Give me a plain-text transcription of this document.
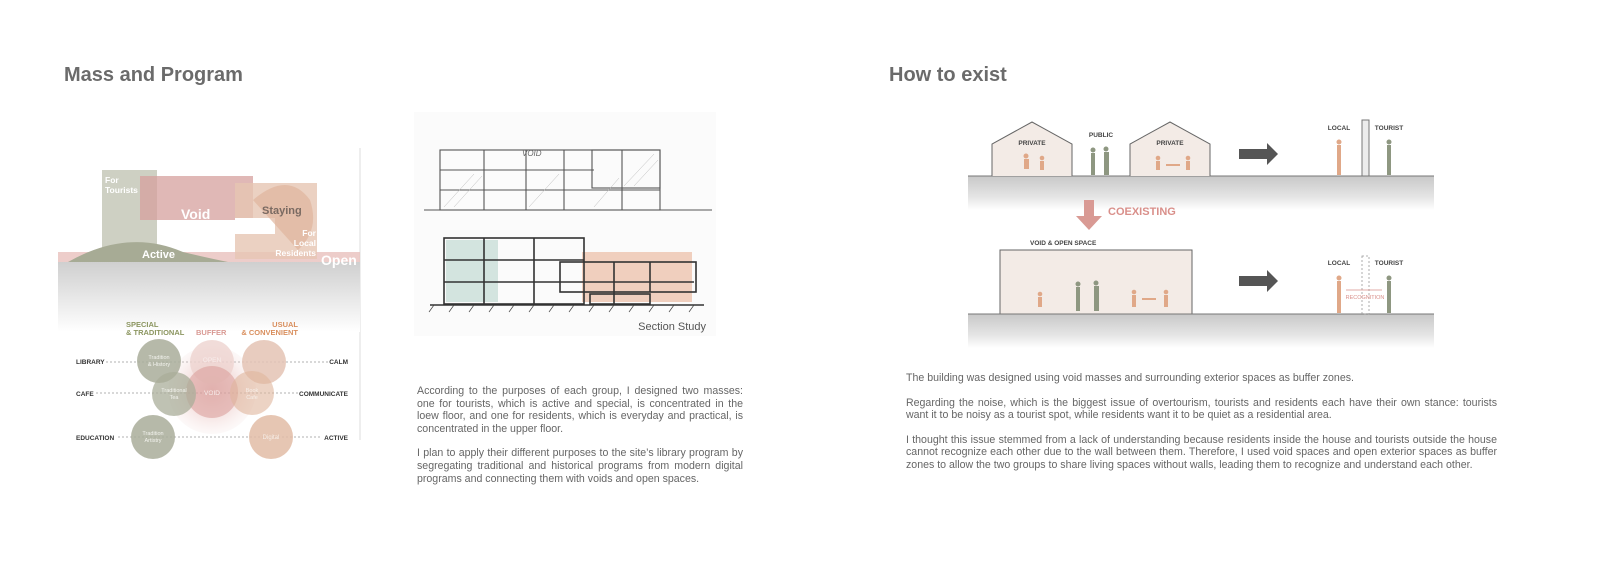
Mass and Program
For
Tourists
Void	Staying
For
Local
Residents
Active	Open
SPECIAL
& TRADITIONAL BUFFER
USUAL
& CONVENIENT
LIBRARY
CAFE
EDUCATION
CALM
COMMUNICATE
ACTIVE
Tradition
& History
Traditional
Tea
Tradition
Artistry
OPEN
VOID	Book
Cafe
Digital
VOID
Section Study

According to the purposes of each group, I designed two masses: one for tourists, which is active and special, is concentrated in the loew floor, and one for residents, which is everyday and practical, is concentrated in the upper floor.

I plan to apply their different purposes to the site’s library program by segregating traditional and historical programs from modern digital programs and connecting them with voids and open spaces.

How to exist
PRIVATE	PRIVATE
PUBLIC
LOCAL	TOURIST
COEXISTING
VOID & OPEN SPACE
LOCAL	TOURIST
RECOGNITION

The building was designed using void masses and surrounding exterior spaces as buffer zones.

Regarding the noise, which is the biggest issue of overtourism, tourists and residents each have their own stance: tourists want it to be noisy as a tourist spot, while residents want it to be quiet as a residential area.

I thought this issue stemmed from a lack of understanding because residents inside the house and tourists outside the house cannot recognize each other due to the wall between them. Therefore, I used void spaces and open exterior spaces as buffer zones to allow the two groups to share living spaces without walls, leading them to recognize and understand each other.
